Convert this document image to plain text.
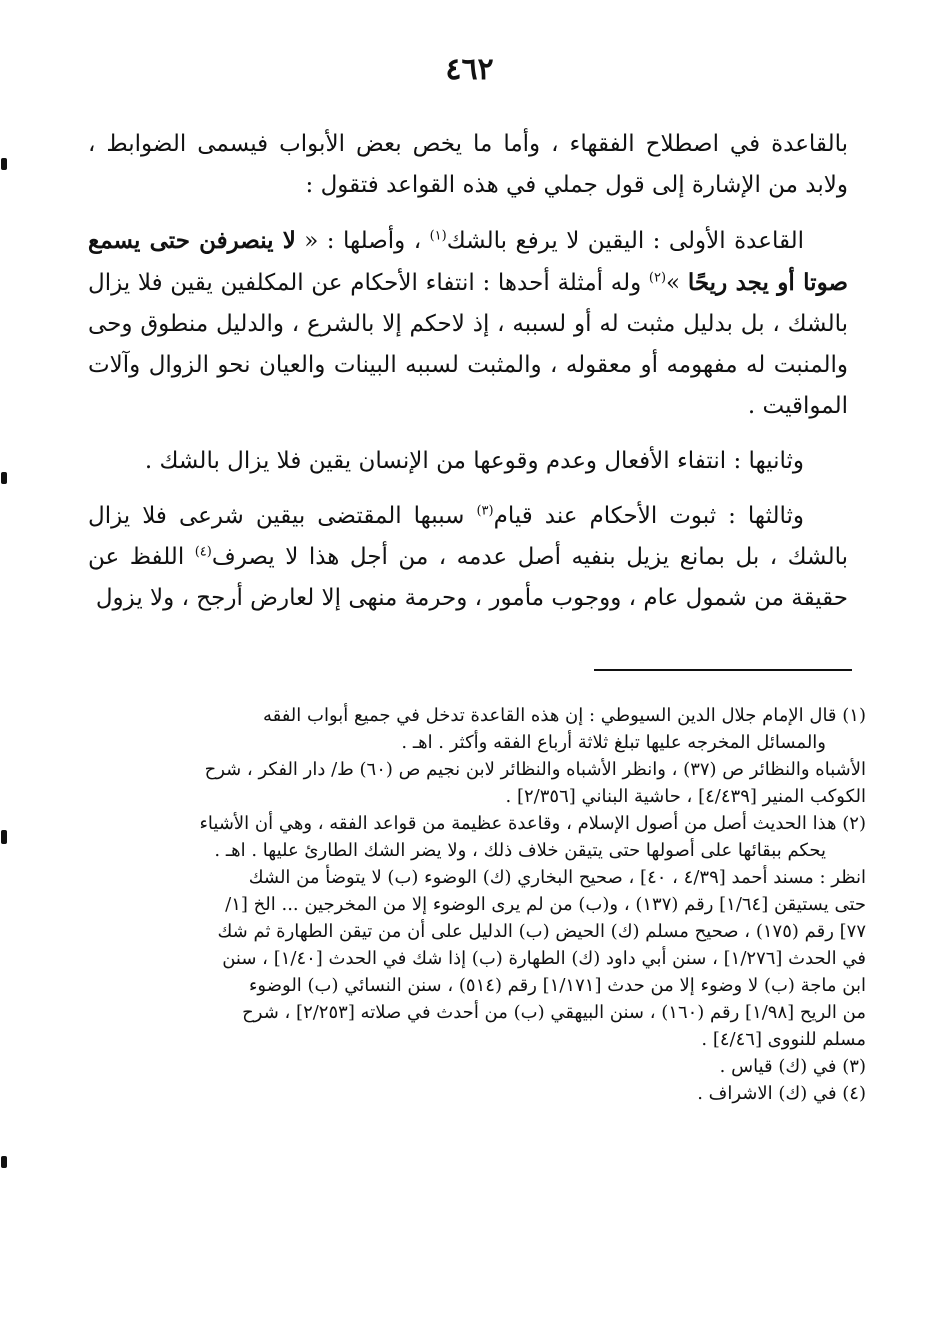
٤٦٢

بالقاعدة في اصطلاح الفقهاء ، وأما ما يخص بعض الأبواب فيسمى الضوابط ، ولابد من الإشارة إلى قول جملي في هذه القواعد فتقول :

القاعدة الأولى : اليقين لا يرفع بالشك$^{(١)}$ ، وأصلها : « لا ينصرفن حتى يسمع صوتا أو يجد ريحًا »$^{(٢)}$ وله أمثلة أحدها : انتفاء الأحكام عن المكلفين يقين فلا يزال بالشك ، بل بدليل مثبت له أو لسببه ، إذ لاحكم إلا بالشرع ، والدليل منطوق وحى والمنبت له مفهومه أو معقوله ، والمثبت لسببه البينات والعيان نحو الزوال وآلات المواقيت .

وثانيها : انتفاء الأفعال وعدم وقوعها من الإنسان يقين فلا يزال بالشك .

وثالثها : ثبوت الأحكام عند قيام$^{(٣)}$ سببها المقتضى بيقين شرعى فلا يزال بالشك ، بل بمانع يزيل بنفيه أصل عدمه ، من أجل هذا لا يصرف$^{(٤)}$ اللفظ عن حقيقة من شمول عام ، ووجوب مأمور ، وحرمة منهى إلا لعارض أرجح ، ولا يزول

(١) قال الإمام جلال الدين السيوطي : إن هذه القاعدة تدخل في جميع أبواب الفقه
والمسائل المخرجه عليها تبلغ ثلاثة أرباع الفقه وأكثر . اهـ .
الأشباه والنظائر ص (٣٧) ، وانظر الأشباه والنظائر لابن نجيم ص (٦٠) ط/ دار الفكر ، شرح
الكوكب المنير [٤/٤٣٩] ، حاشية البناني [٢/٣٥٦] .

(٢) هذا الحديث أصل من أصول الإسلام ، وقاعدة عظيمة من قواعد الفقه ، وهي أن الأشياء
يحكم ببقائها على أصولها حتى يتيقن خلاف ذلك ، ولا يضر الشك الطارئ عليها . اهـ .
انظر : مسند أحمد [٤/٣٩ ، ٤٠] ، صحيح البخاري (ك) الوضوء (ب) لا يتوضأ من الشك
حتى يستيقن [١/٦٤] رقم (١٣٧) ، و(ب) من لم يرى الوضوء إلا من المخرجين ... الخ [١/
٧٧] رقم (١٧٥) ، صحيح مسلم (ك) الحيض (ب) الدليل على أن من تيقن الطهارة ثم شك
في الحدث [١/٢٧٦] ، سنن أبي داود (ك) الطهارة (ب) إذا شك في الحدث [١/٤٠] ، سنن
ابن ماجة (ب) لا وضوء إلا من حدث [١/١٧١] رقم (٥١٤) ، سنن النسائي (ب) الوضوء
من الريح [١/٩٨] رقم (١٦٠) ، سنن البيهقي (ب) من أحدث في صلاته [٢/٢٥٣] ، شرح
مسلم للنووى [٤/٤٦] .

(٣) في (ك) قياس .

(٤) في (ك) الاشراف .
